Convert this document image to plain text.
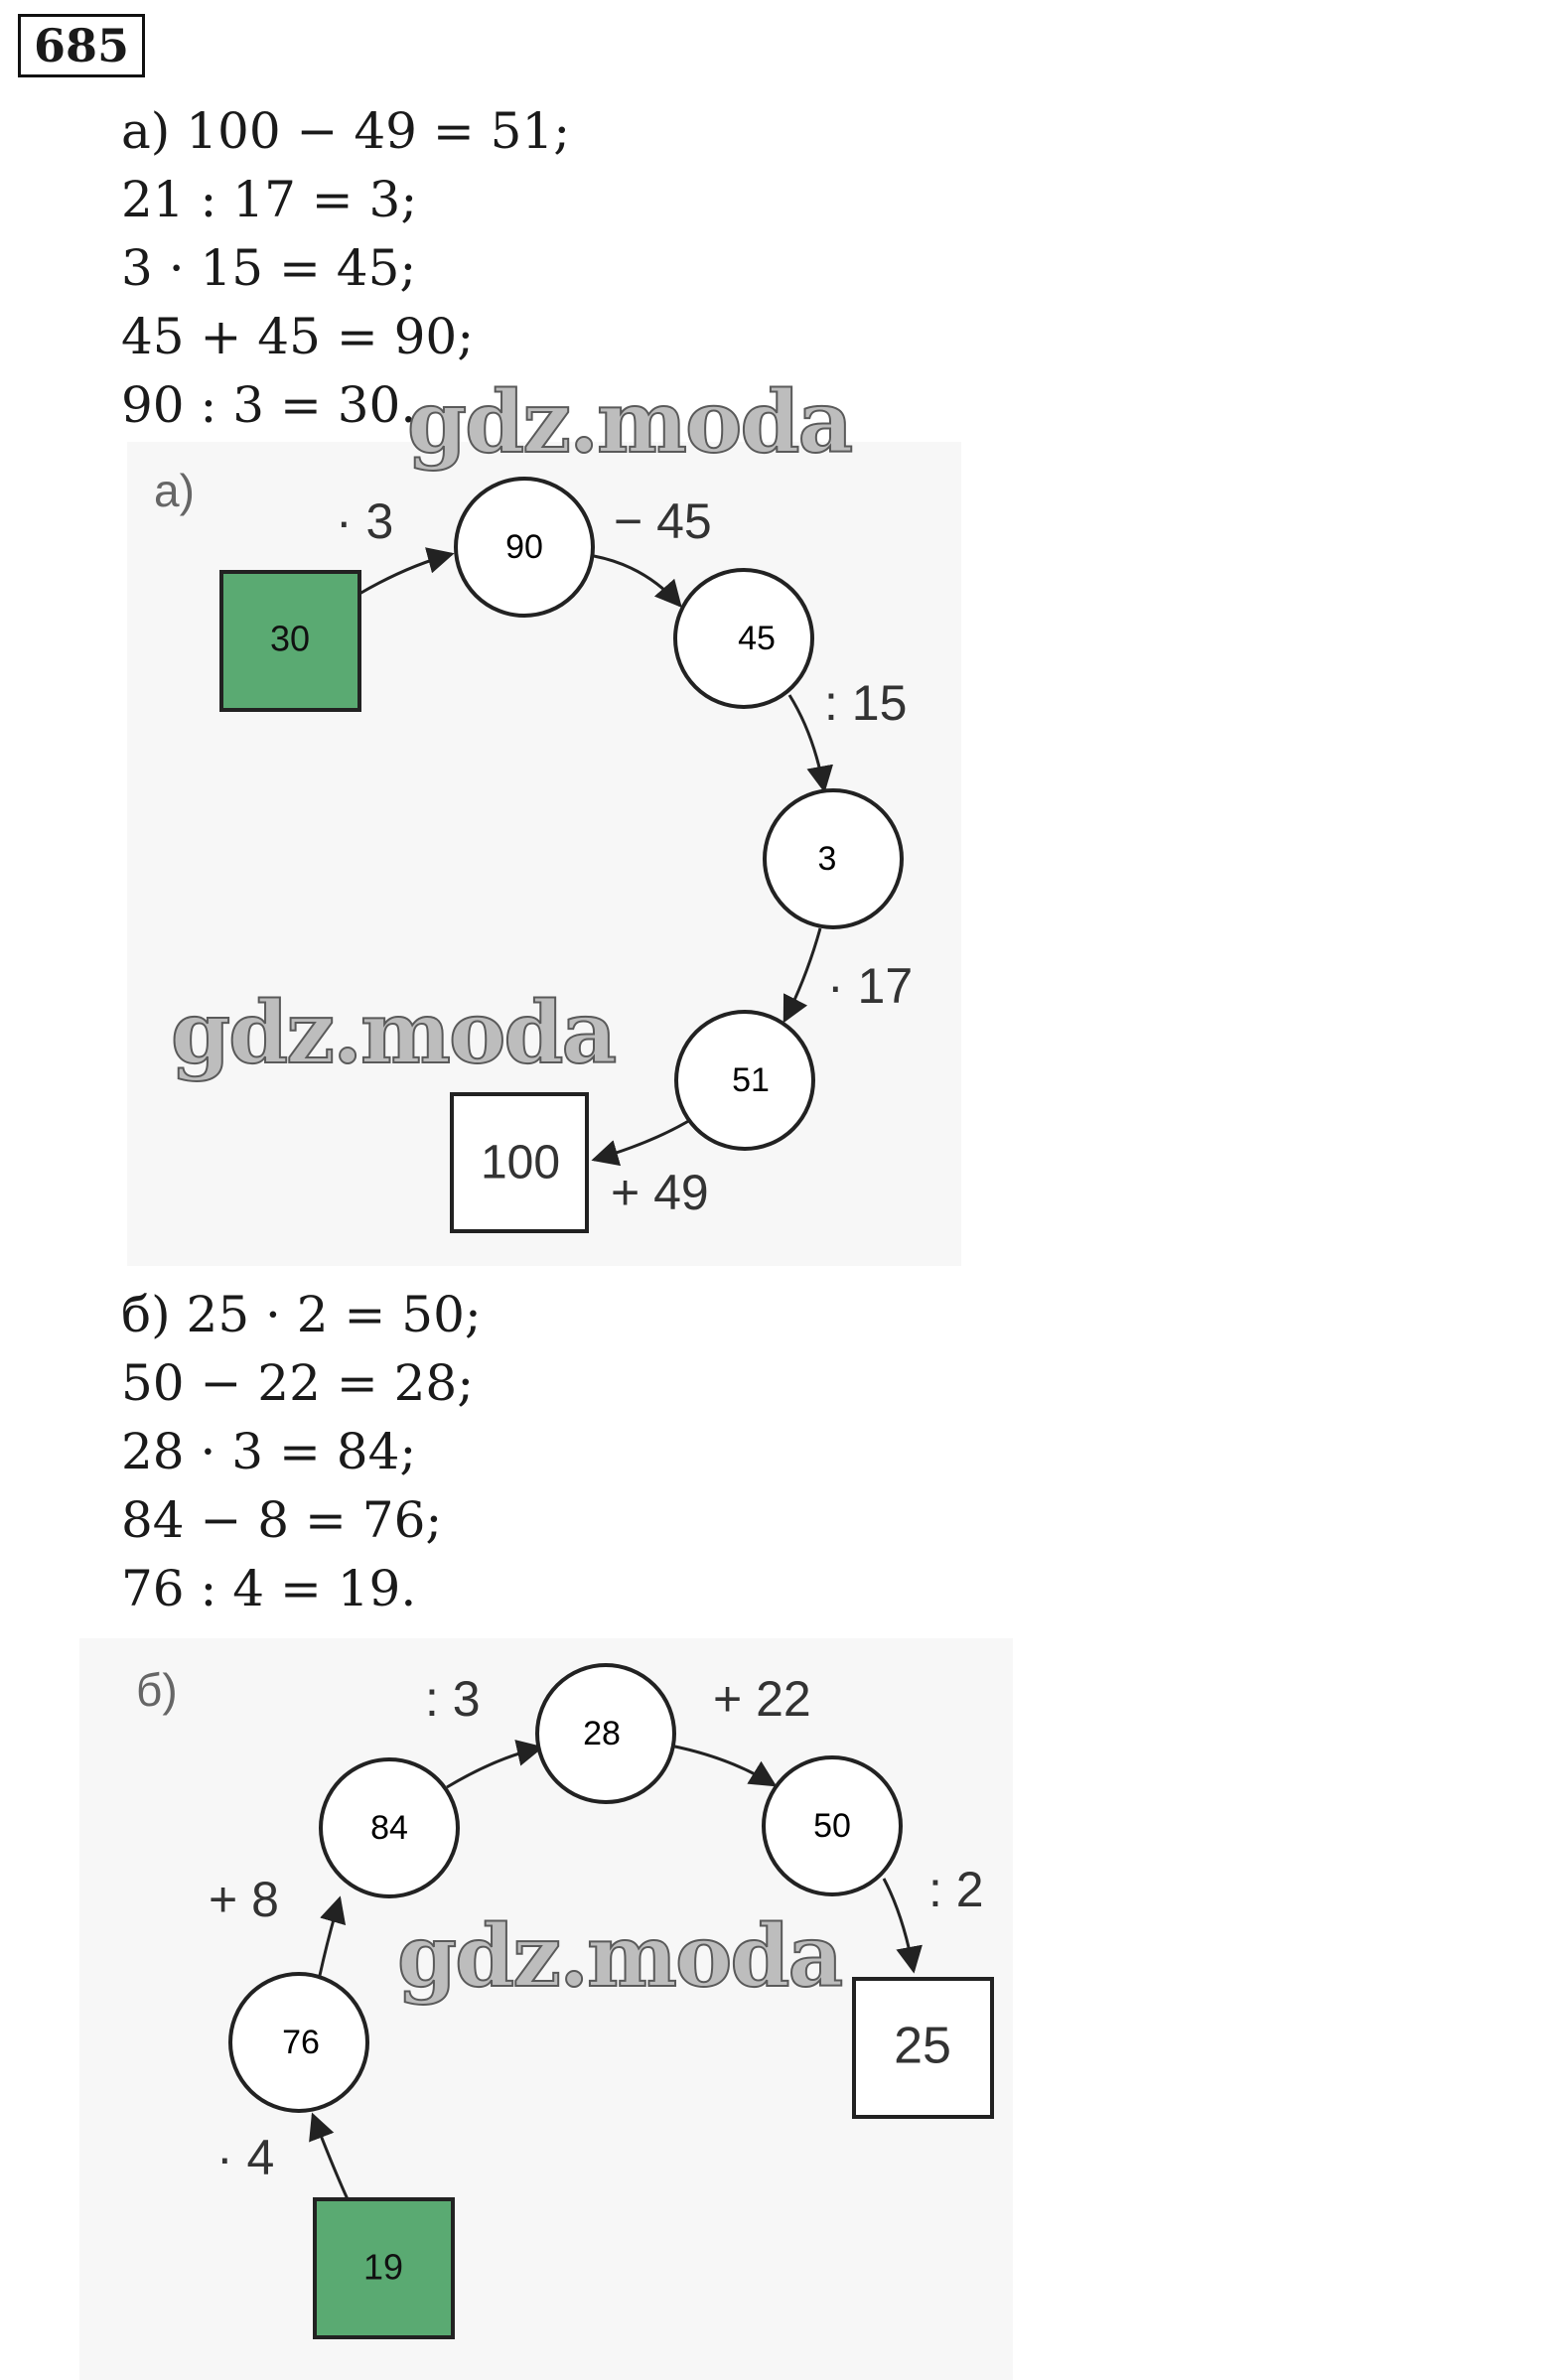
685
а) 100 − 49 = 51;
21 : 17 = 3;
3 · 15 = 45;
45 + 45 = 90;
90 : 3 = 30.
а)
30
90
45
3
51
100
· 3	− 45
: 15
· 17
+ 49
б) 25 · 2 = 50;
50 − 22 = 28;
28 · 3 = 84;
84 − 8 = 76;
76 : 4 = 19.
б)
19
76
84
28
50
25
· 4
+ 8
: 3	+ 22
: 2
gdz.moda
gdz.moda
gdz.moda
